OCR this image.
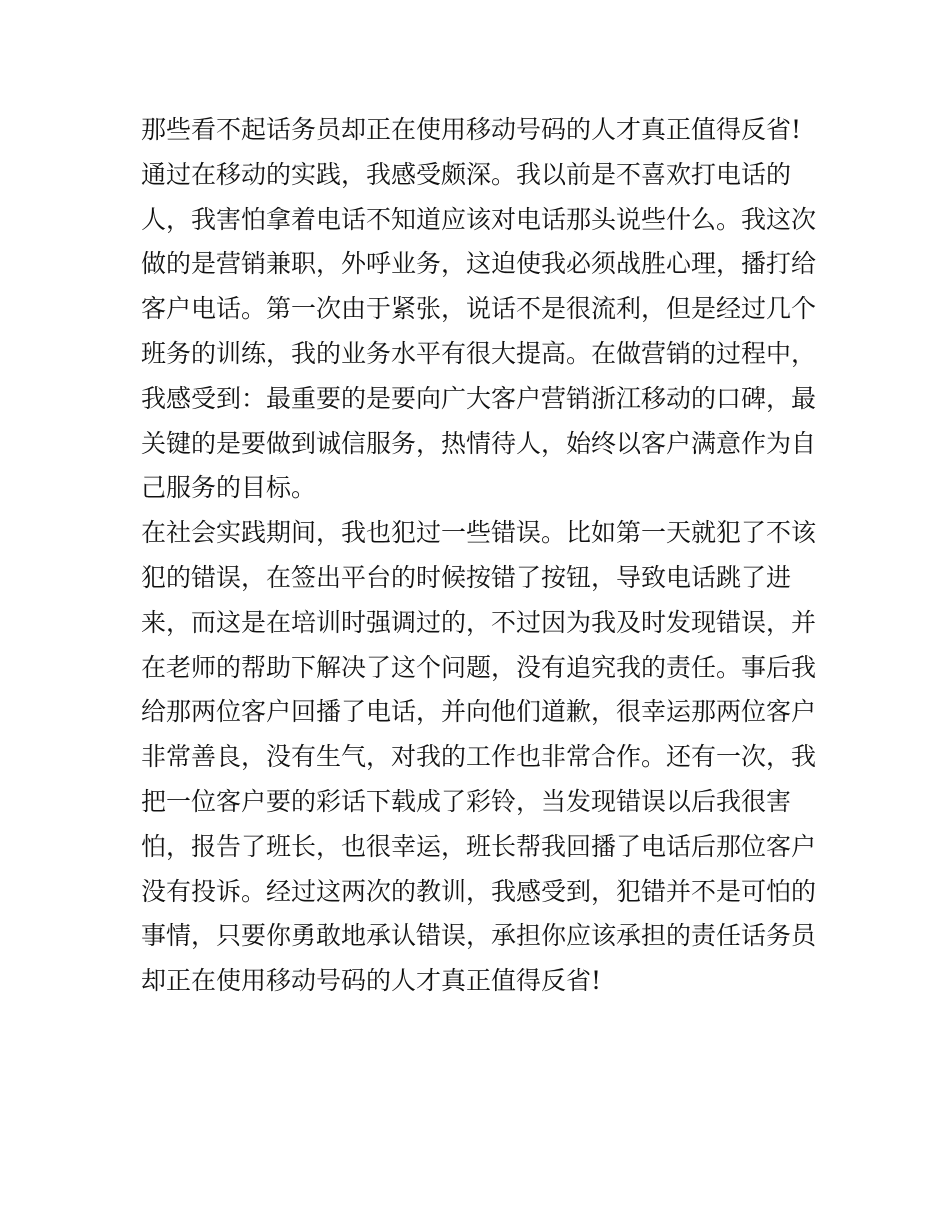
那些看不起话务员却正在使用移动号码的人才真正值得反省!
通过在移动的实践，我感受颇深。我以前是不喜欢打电话的
人，我害怕拿着电话不知道应该对电话那头说些什么。我这次
做的是营销兼职，外呼业务，这迫使我必须战胜心理，播打给
客户电话。第一次由于紧张，说话不是很流利，但是经过几个
班务的训练，我的业务水平有很大提高。在做营销的过程中，
我感受到：最重要的是要向广大客户营销浙江移动的口碑，最
关键的是要做到诚信服务，热情待人，始终以客户满意作为自
己服务的目标。
在社会实践期间，我也犯过一些错误。比如第一天就犯了不该
犯的错误，在签出平台的时候按错了按钮，导致电话跳了进
来，而这是在培训时强调过的，不过因为我及时发现错误，并
在老师的帮助下解决了这个问题，没有追究我的责任。事后我
给那两位客户回播了电话，并向他们道歉，很幸运那两位客户
非常善良，没有生气，对我的工作也非常合作。还有一次，我
把一位客户要的彩话下载成了彩铃，当发现错误以后我很害
怕，报告了班长，也很幸运，班长帮我回播了电话后那位客户
没有投诉。经过这两次的教训，我感受到，犯错并不是可怕的
事情，只要你勇敢地承认错误，承担你应该承担的责任话务员
却正在使用移动号码的人才真正值得反省!
